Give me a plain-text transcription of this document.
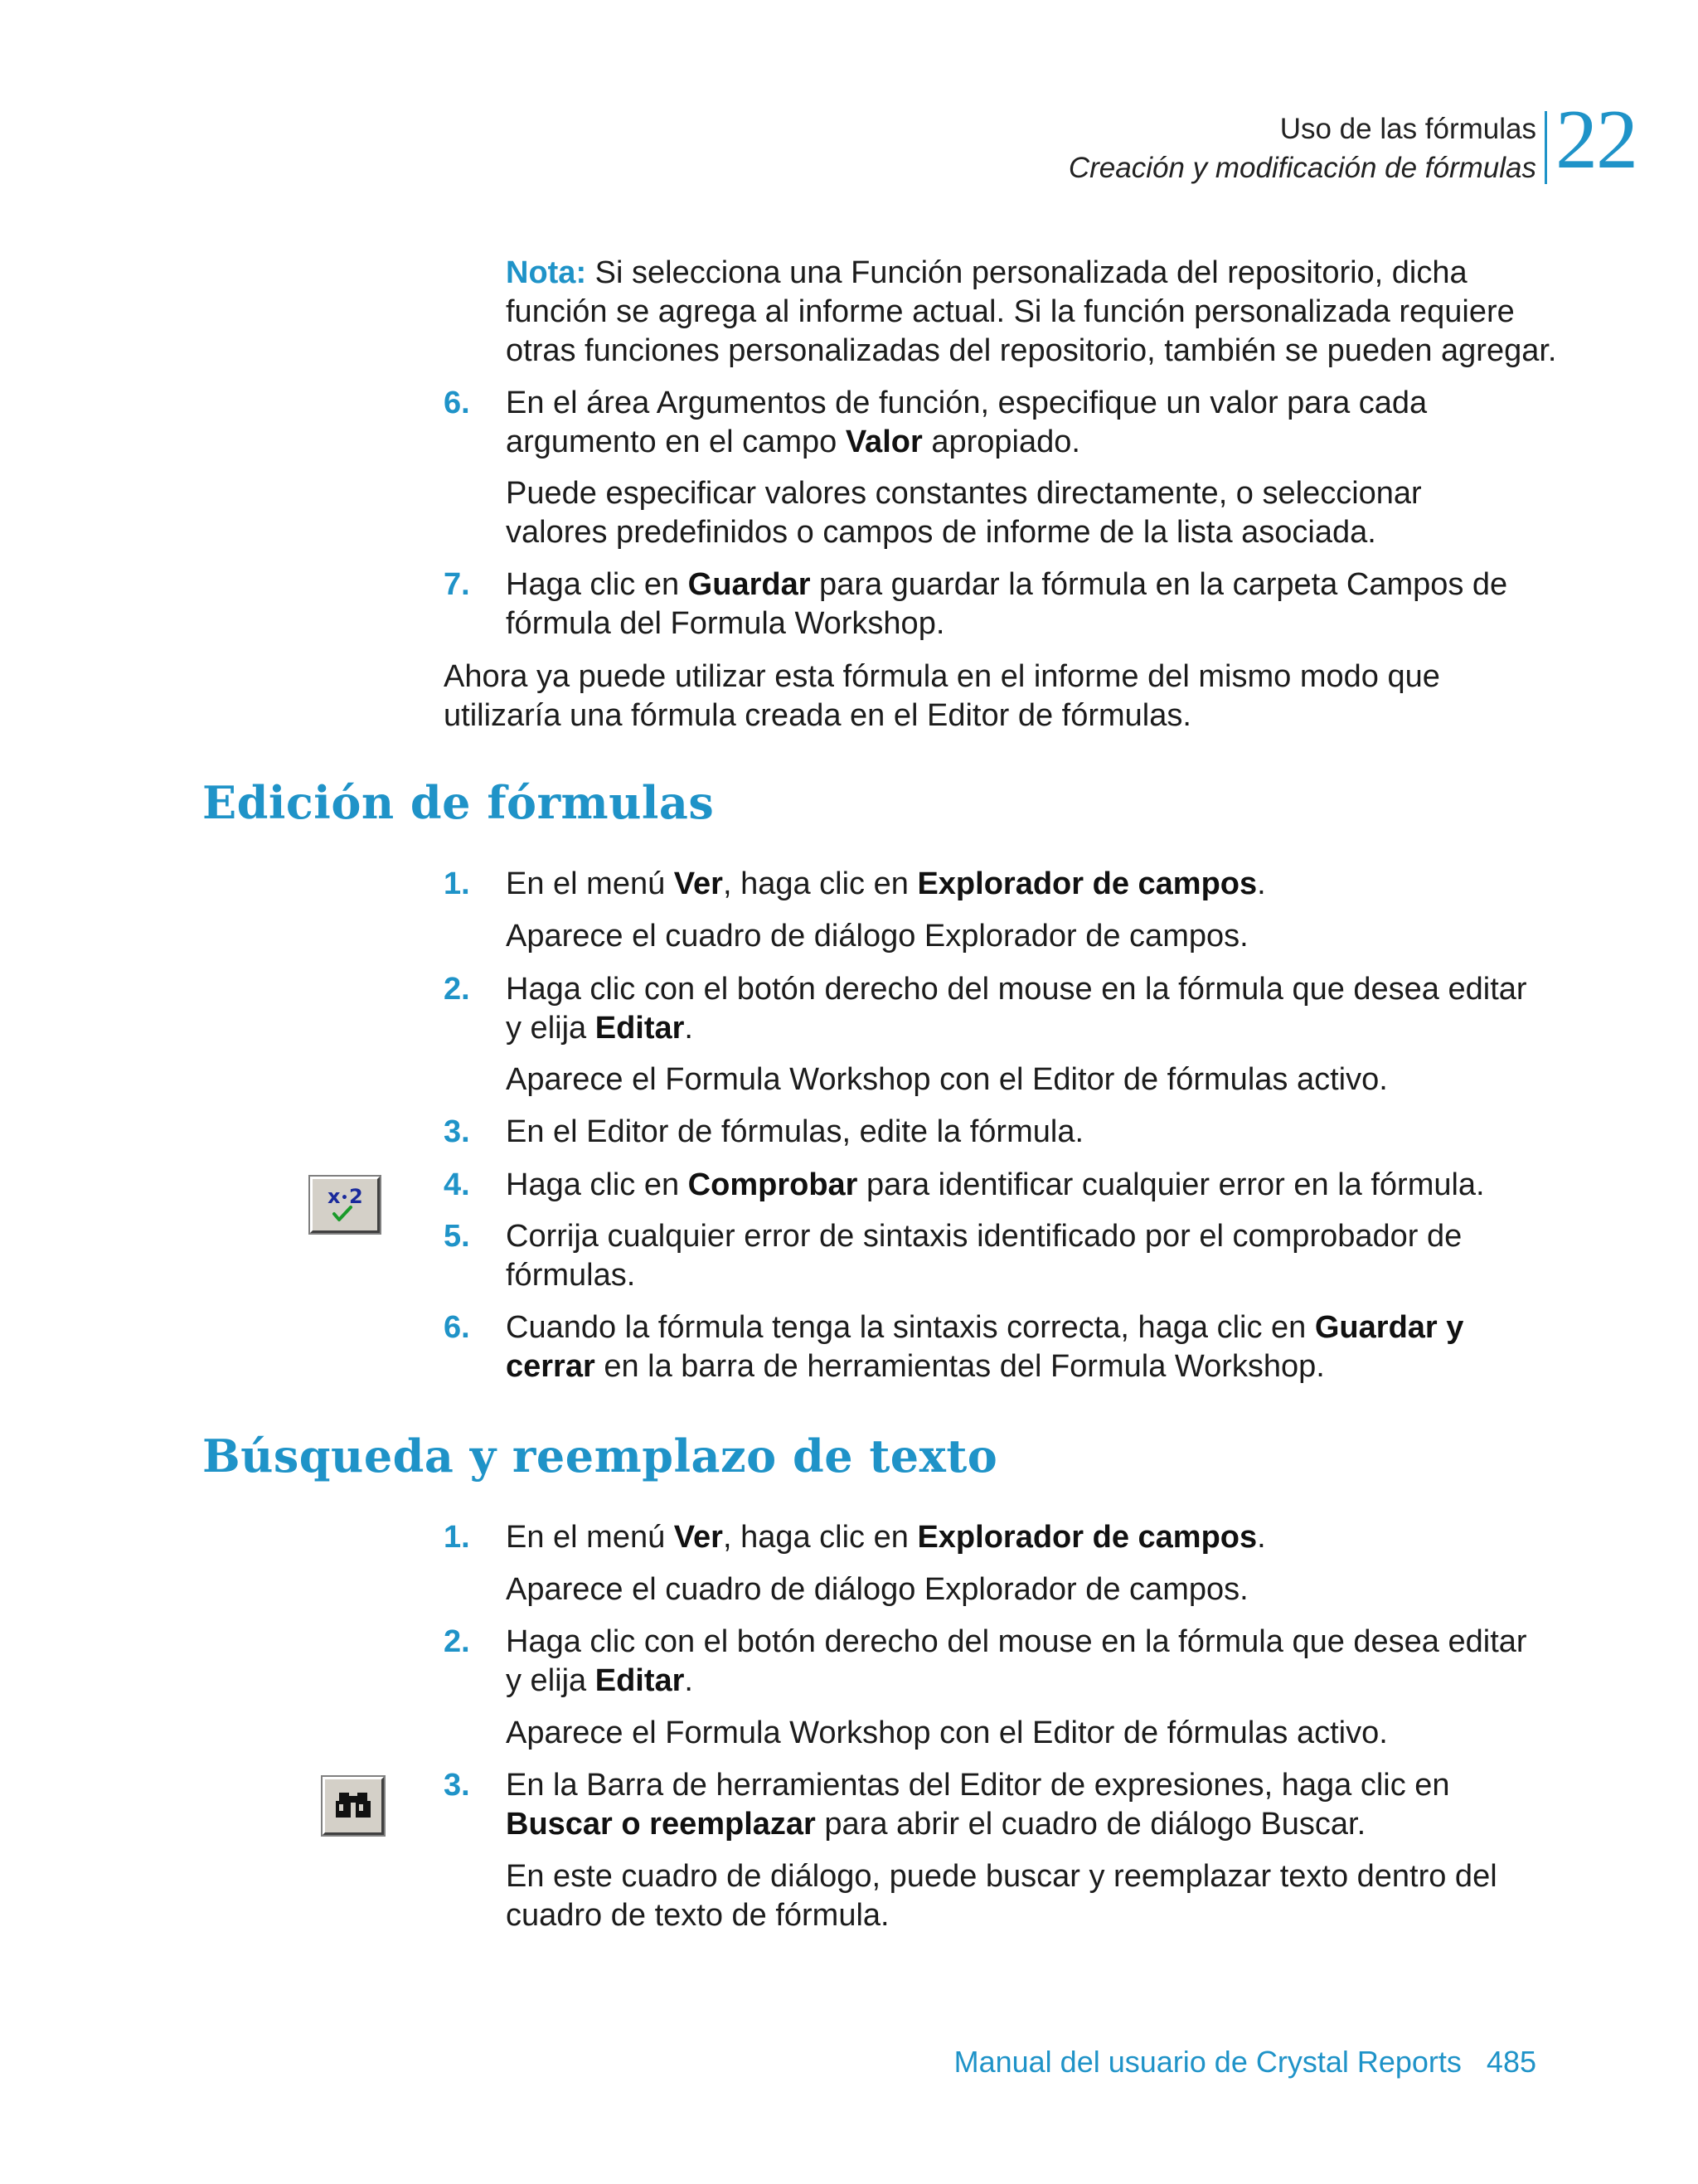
Uso de las fórmulas
Creación y modificación de fórmulas 22
Nota: Si selecciona una Función personalizada del repositorio, dicha
función se agrega al informe actual. Si la función personalizada requiere
otras funciones personalizadas del repositorio, también se pueden agregar.
6. En el área Argumentos de función, especifique un valor para cada
argumento en el campo Valor apropiado.
Puede especificar valores constantes directamente, o seleccionar
valores predefinidos o campos de informe de la lista asociada.
7. Haga clic en Guardar para guardar la fórmula en la carpeta Campos de
fórmula del Formula Workshop.
Ahora ya puede utilizar esta fórmula en el informe del mismo modo que
utilizaría una fórmula creada en el Editor de fórmulas.
Edición de fórmulas
1. En el menú Ver, haga clic en Explorador de campos.
Aparece el cuadro de diálogo Explorador de campos.
2. Haga clic con el botón derecho del mouse en la fórmula que desea editar
y elija Editar.
Aparece el Formula Workshop con el Editor de fórmulas activo.
3. En el Editor de fórmulas, edite la fórmula.
x • 2	4. Haga clic en Comprobar para identificar cualquier error en la fórmula.
5. Corrija cualquier error de sintaxis identificado por el comprobador de
fórmulas.
6. Cuando la fórmula tenga la sintaxis correcta, haga clic en Guardar y
cerrar en la barra de herramientas del Formula Workshop.
Búsqueda y reemplazo de texto
1. En el menú Ver, haga clic en Explorador de campos.
Aparece el cuadro de diálogo Explorador de campos.
2. Haga clic con el botón derecho del mouse en la fórmula que desea editar
y elija Editar.
Aparece el Formula Workshop con el Editor de fórmulas activo.
3. En la Barra de herramientas del Editor de expresiones, haga clic en
Buscar o reemplazar para abrir el cuadro de diálogo Buscar.
En este cuadro de diálogo, puede buscar y reemplazar texto dentro del
cuadro de texto de fórmula.
Manual del usuario de Crystal Reports 485
